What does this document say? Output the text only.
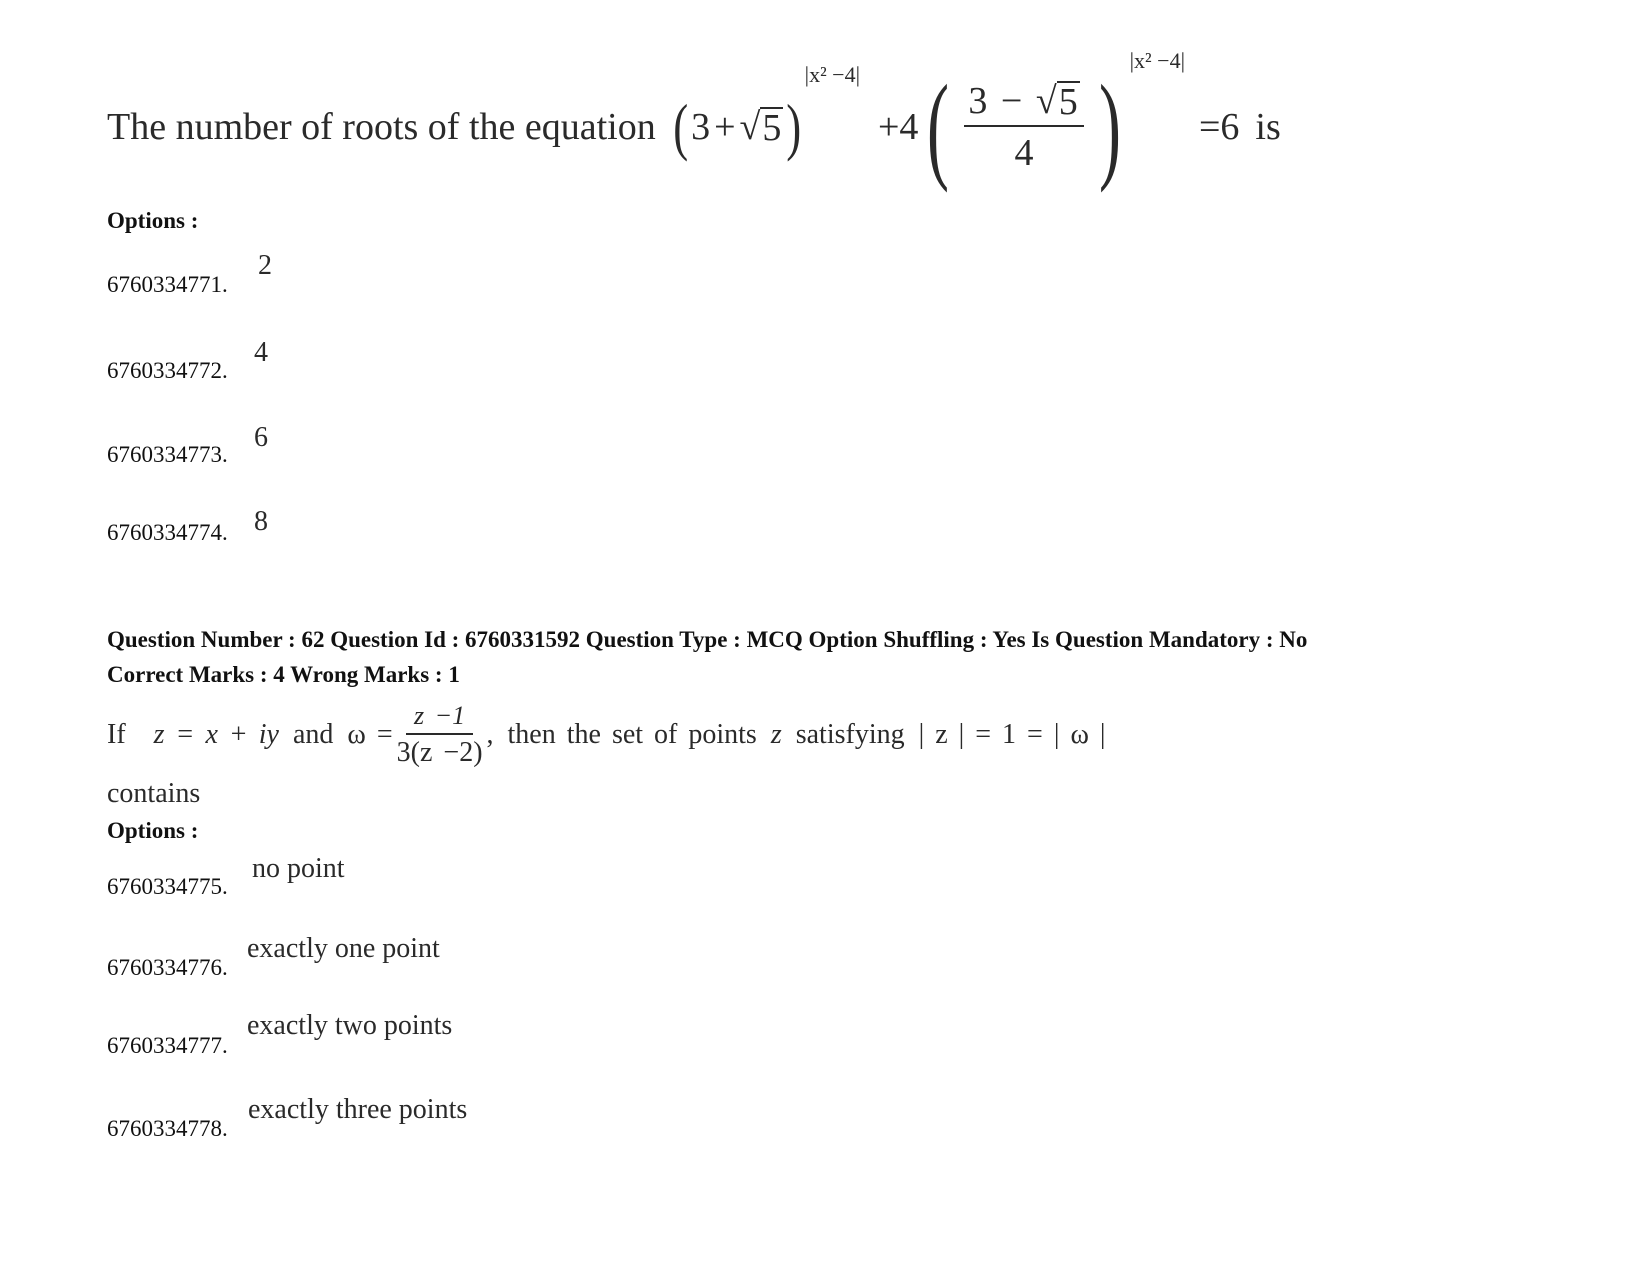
The number of roots of the equation ( 3 + √ 5 )
|x² −4|
+4 ( $\frac{3 - √ 5}{4}$ ) |x² −4|
=6 is
Options :
6760334771.
2
6760334772.
4
6760334773.
6
6760334774. 8
Question Number : 62 Question Id : 6760331592 Question Type : MCQ Option Shuffling : Yes Is Question Mandatory : No
Correct Marks : 4 Wrong Marks : 1
If z = x + iy and $\omega = \frac{z -1}{3(z -2)}$ , then the set of points z satisfying | z | = 1 = | ω |
contains
Options :
6760334775.
no point
6760334776.
exactly one point
6760334777.
exactly two points
6760334778.
exactly three points
